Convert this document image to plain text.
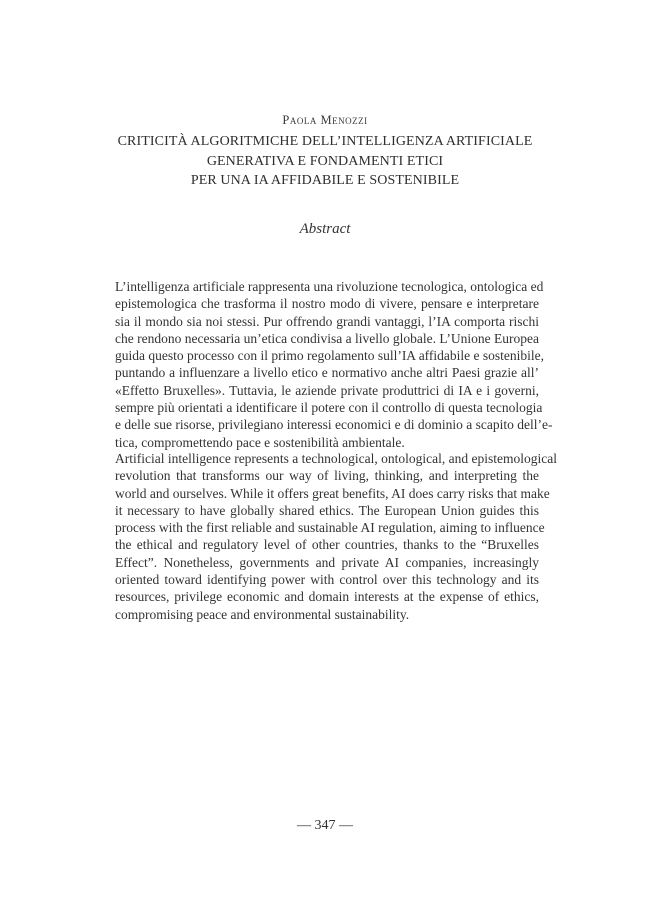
Paola Menozzi
CRITICITÀ ALGORITMICHE DELL’INTELLIGENZA ARTIFICIALE
GENERATIVA E FONDAMENTI ETICI
PER UNA IA AFFIDABILE E SOSTENIBILE
Abstract
L’intelligenza artificiale rappresenta una rivoluzione tecnologica, ontologica ed
epistemologica che trasforma il nostro modo di vivere, pensare e interpretare
sia il mondo sia noi stessi. Pur offrendo grandi vantaggi, l’IA comporta rischi
che rendono necessaria un’etica condivisa a livello globale. L’Unione Europea
guida questo processo con il primo regolamento sull’IA affidabile e sostenibile,
puntando a influenzare a livello etico e normativo anche altri Paesi grazie all’
«Effetto Bruxelles». Tuttavia, le aziende private produttrici di IA e i governi,
sempre più orientati a identificare il potere con il controllo di questa tecnologia
e delle sue risorse, privilegiano interessi economici e di dominio a scapito dell’e-
tica, compromettendo pace e sostenibilità ambientale.
Artificial intelligence represents a technological, ontological, and epistemological
revolution that transforms our way of living, thinking, and interpreting the
world and ourselves. While it offers great benefits, AI does carry risks that make
it necessary to have globally shared ethics. The European Union guides this
process with the first reliable and sustainable AI regulation, aiming to influence
the ethical and regulatory level of other countries, thanks to the “Bruxelles
Effect”. Nonetheless, governments and private AI companies, increasingly
oriented toward identifying power with control over this technology and its
resources, privilege economic and domain interests at the expense of ethics,
compromising peace and environmental sustainability.
— 347 —
